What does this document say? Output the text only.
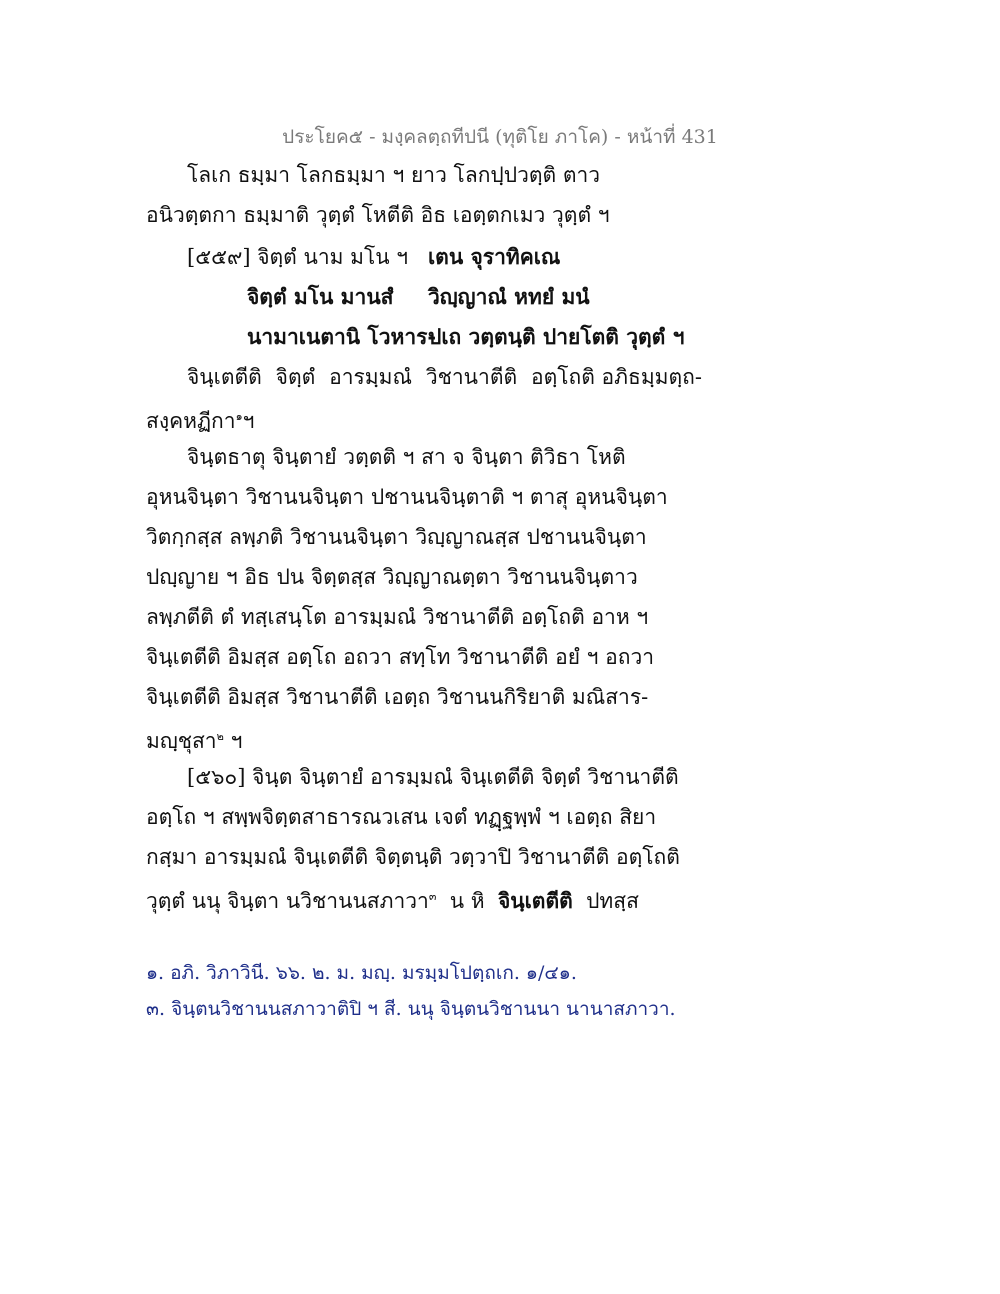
ประโยค๕ - มงฺคลตฺถทีปนี (ทุติโย ภาโค) - หน้าที่ 431
โลเก ธมฺมา โลกธมฺมา ฯ ยาว โลกปฺปวตฺติ ตาว
อนิวตฺตกา ธมฺมาติ วุตฺตํ โหตีติ อิธ เอตฺตกเมว วุตฺตํ ฯ
[๕๕๙] จิตฺตํ นาม มโน ฯ เตน จุราทิคเณ
จิตฺตํ มโน มานสํ วิญฺญาณํ หทยํ มนํ
นามาเนตานิ โวหาร-
ปเถ วตฺตนฺติ ปายโตติ วุตฺตํ ฯ
จินฺเตตีติ จิตฺตํ อารมฺมณํ วิชานาตีติ อตฺโถติ อภิธมฺมตฺถ-
สงฺคหฏีกา$^๑$ฯ
จินฺตธาตุ จินฺตายํ วตฺตติ ฯ สา จ จินฺตา ติวิธา โหติ
อุหนจินฺตา วิชานนจินฺตา ปชานนจินฺตาติ ฯ ตาสุ อุหนจินฺตา
วิตกฺกสฺส ลพฺภติ วิชานนจินฺตา วิญฺญาณสฺส ปชานนจินฺตา
ปญฺญาย ฯ อิธ ปน จิตฺตสฺส วิญฺญาณตฺตา วิชานนจินฺตาว
ลพฺภตีติ ตํ ทสฺเสนฺโต อารมฺมณํ วิชานาตีติ อตฺโถติ อาห ฯ
จินฺเตตีติ อิมสฺส อตฺโถ อถวา สทฺโท วิชานาตีติ อยํ ฯ อถวา
จินฺเตตีติ อิมสฺส วิชานาตีติ เอตฺถ วิชานนกิริยาติ มณิสาร-
มญฺชุสา$^๒$ ฯ
[๕๖๐] จินฺต จินฺตายํ อารมฺมณํ จินฺเตตีติ จิตฺตํ วิชานาตีติ
อตฺโถ ฯ สพฺพจิตฺตสาธารณวเสน เจตํ ทฏฺฐพฺพํ ฯ เอตฺถ สิยา
กสฺมา อารมฺมณํ จินฺเตตีติ จิตฺตนฺติ วตฺวาปิ วิชานาตีติ อตฺโถติ
วุตฺตํ นนุ จินฺตา นวิชานนสภาวา$^๓$ น หิ จินฺเตตีติ ปทสฺส
๑. อภิ. วิภาวินี. ๖๖. ๒. ม. มญฺ. มรมฺมโปตฺถเก. ๑/๔๑.
๓. จินฺตนวิชานนสภาวาติปิ ฯ สี. นนุ จินฺตนวิชานนา นานาสภาวา.
